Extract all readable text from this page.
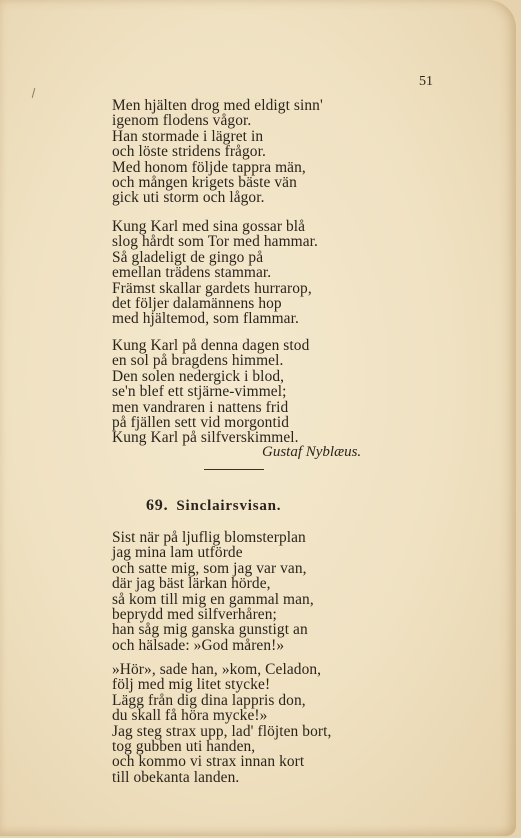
51
Men hjälten drog med eldigt sinn'
igenom flodens vågor.
Han stormade i lägret in
och löste stridens frågor.
Med honom följde tappra män,
och mången krigets bäste vän
gick uti storm och lågor.
Kung Karl med sina gossar blå
slog hårdt som Tor med hammar.
Så gladeligt de gingo på
emellan trädens stammar.
Främst skallar gardets hurrarop,
det följer dalamännens hop
med hjältemod, som flammar.
Kung Karl på denna dagen stod
en sol på bragdens himmel.
Den solen nedergick i blod,
se'n blef ett stjärne-vimmel;
men vandraren i nattens frid
på fjällen sett vid morgontid
Kung Karl på silfverskimmel.
Gustaf Nyblæus.
69. Sinclairsvisan.
Sist när på ljuflig blomsterplan
jag mina lam utförde
och satte mig, som jag var van,
där jag bäst lärkan hörde,
så kom till mig en gammal man,
beprydd med silfverhåren;
han såg mig ganska gunstigt an
och hälsade: »God måren!»
»Hör», sade han, »kom, Celadon,
följ med mig litet stycke!
Lägg från dig dina lappris don,
du skall få höra mycke!»
Jag steg strax upp, lad' flöjten bort,
tog gubben uti handen,
och kommo vi strax innan kort
till obekanta landen.
